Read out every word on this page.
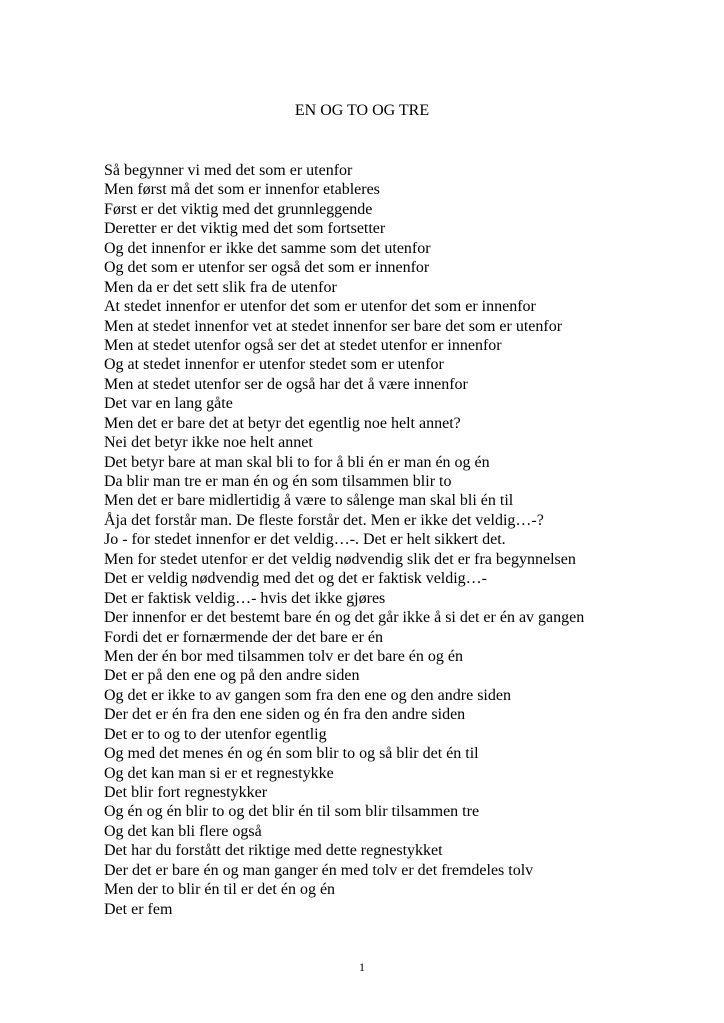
EN OG TO OG TRE
Så begynner vi med det som er utenfor
Men først må det som er innenfor etableres
Først er det viktig med det grunnleggende
Deretter er det viktig med det som fortsetter
Og det innenfor er ikke det samme som det utenfor
Og det som er utenfor ser også det som er innenfor
Men da er det sett slik fra de utenfor
At stedet innenfor er utenfor det som er utenfor det som er innenfor
Men at stedet innenfor vet at stedet innenfor ser bare det som er utenfor
Men at stedet utenfor også ser det at stedet utenfor er innenfor
Og at stedet innenfor er utenfor stedet som er utenfor
Men at stedet utenfor ser de også har det å være innenfor
Det var en lang gåte
Men det er bare det at betyr det egentlig noe helt annet?
Nei det betyr ikke noe helt annet
Det betyr bare at man skal bli to for å bli én er man én og én
Da blir man tre er man én og én som tilsammen blir to
Men det er bare midlertidig å være to sålenge man skal bli én til
Åja det forstår man. De fleste forstår det. Men er ikke det veldig…-?
Jo - for stedet innenfor er det veldig…-. Det er helt sikkert det.
Men for stedet utenfor er det veldig nødvendig slik det er fra begynnelsen
Det er veldig nødvendig med det og det er faktisk veldig…-
Det er faktisk veldig…- hvis det ikke gjøres
Der innenfor er det bestemt bare én og det går ikke å si det er én av gangen
Fordi det er fornærmende der det bare er én
Men der én bor med tilsammen tolv er det bare én og én
Det er på den ene og på den andre siden
Og det er ikke to av gangen som fra den ene og den andre siden
Der det er én fra den ene siden og én fra den andre siden
Det er to og to der utenfor egentlig
Og med det menes én og én som blir to og så blir det én til
Og det kan man si er et regnestykke
Det blir fort regnestykker
Og én og én blir to og det blir én til som blir tilsammen tre
Og det kan bli flere også
Det har du forstått det riktige med dette regnestykket
Der det er bare én og man ganger én med tolv er det fremdeles tolv
Men der to blir én til er det én og én
Det er fem
1
